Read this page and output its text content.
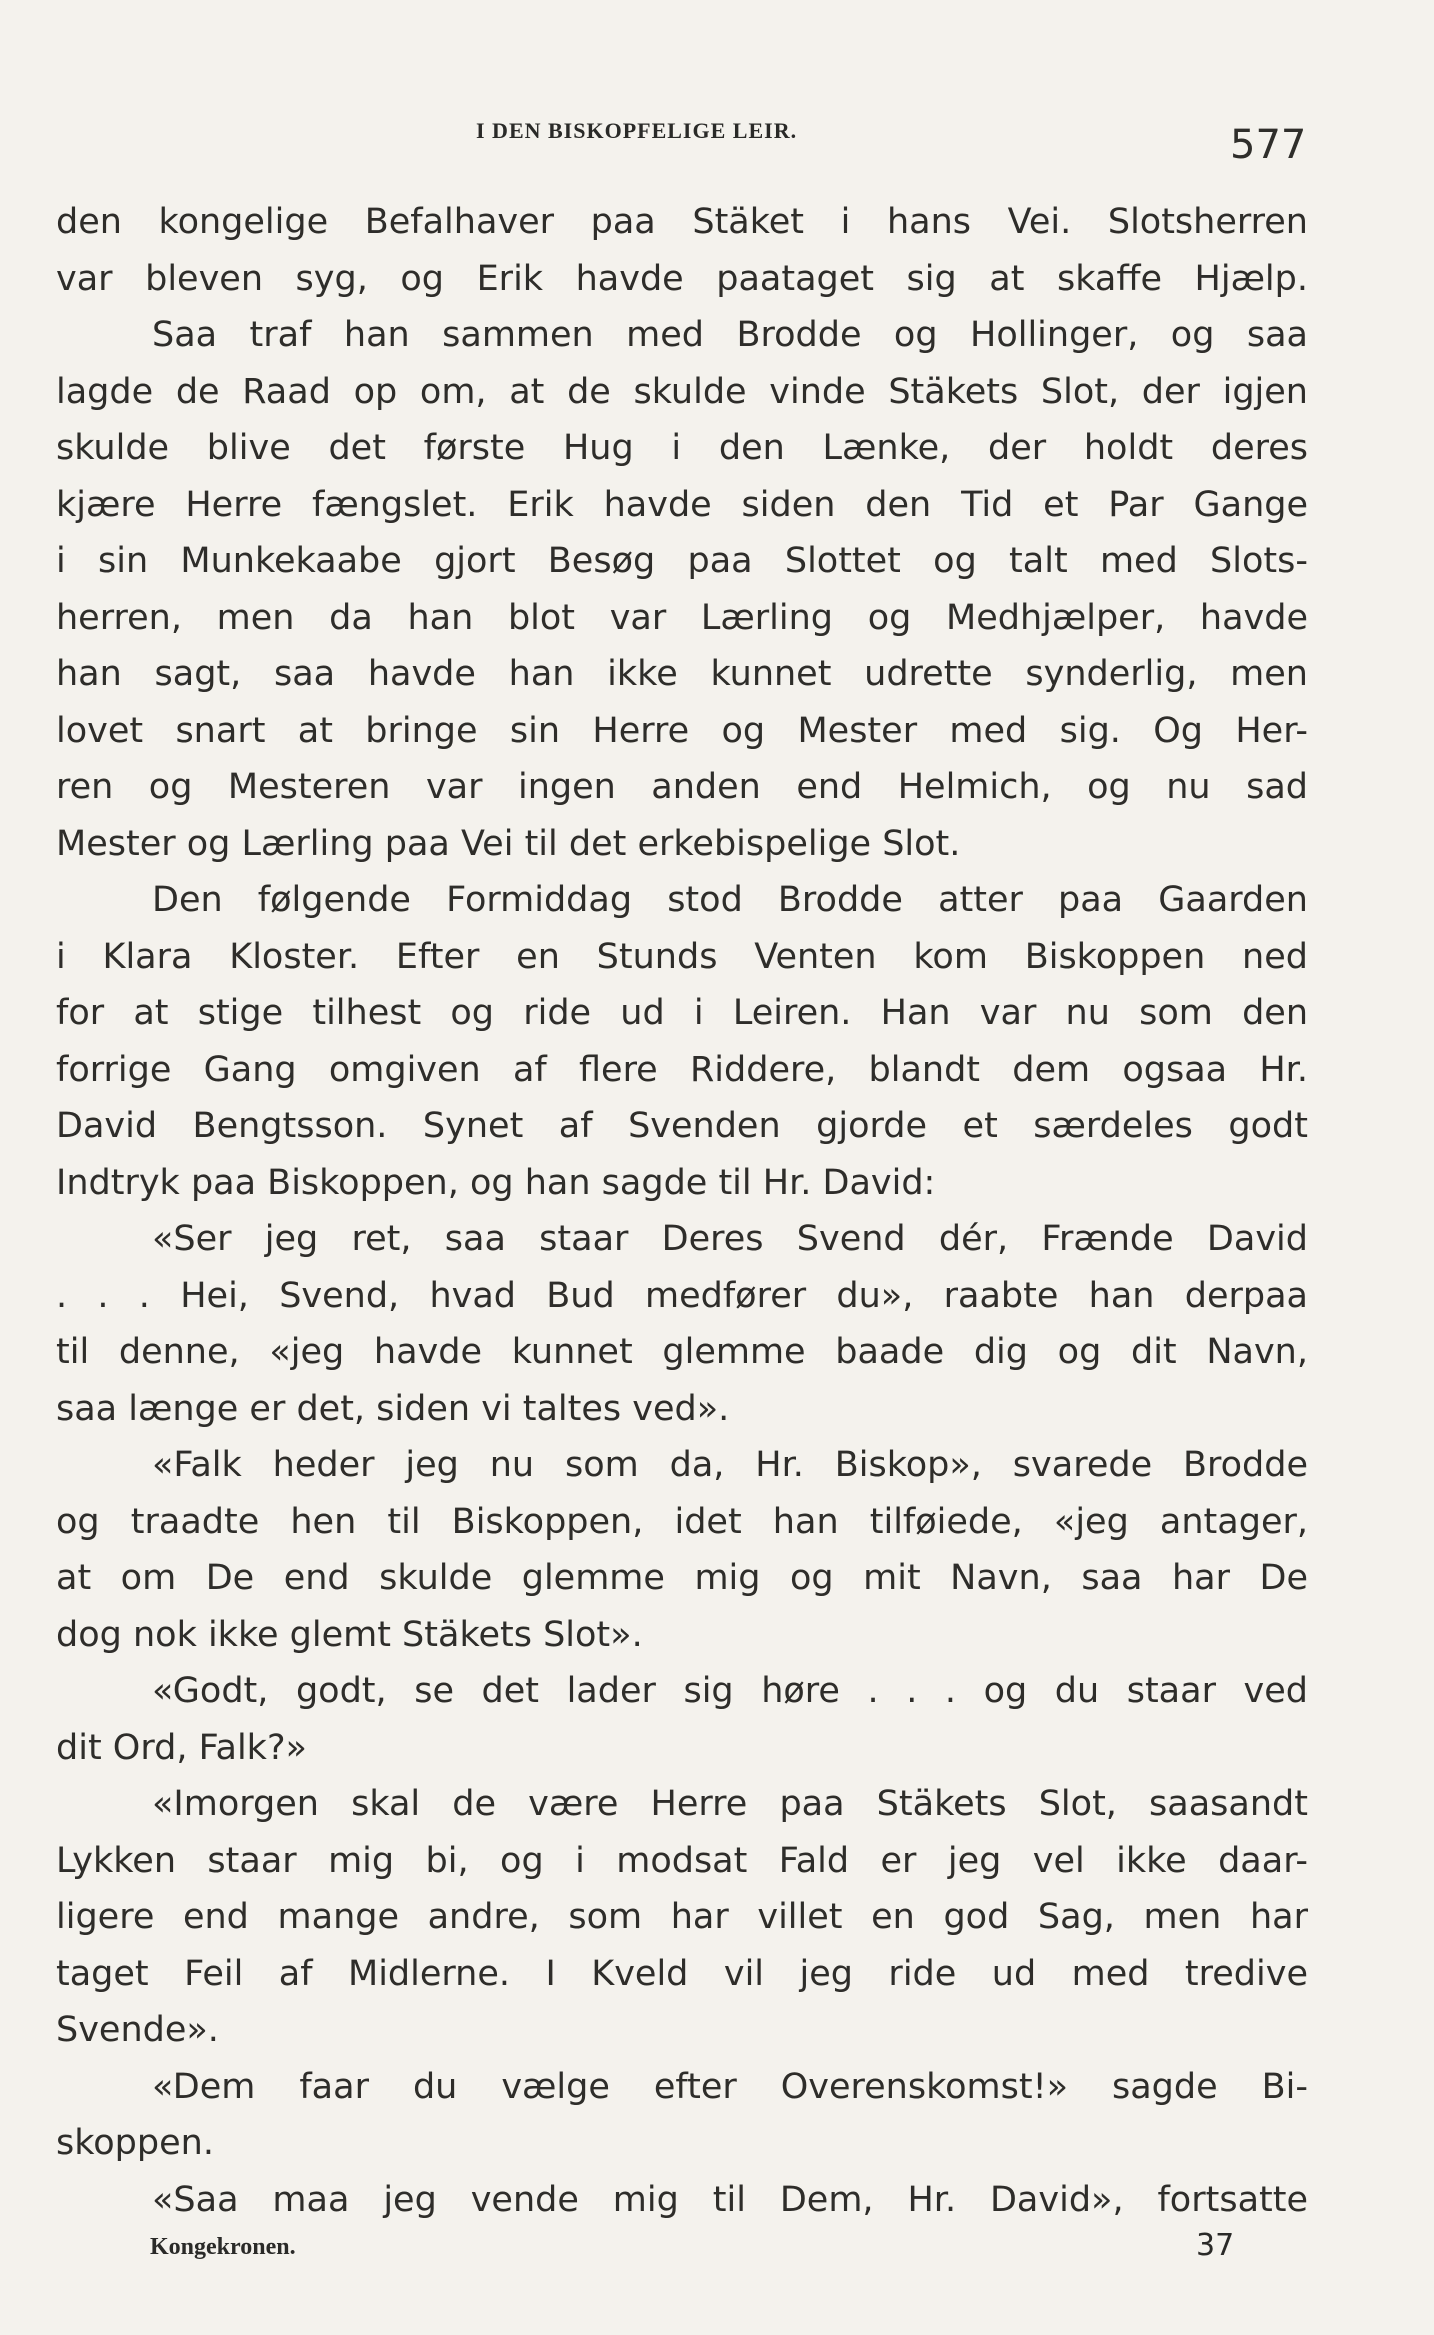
I DEN BISKOPFELIGE LEIR.	577
den kongelige Befalhaver paa Stäket i hans Vei. Slotsherren
var bleven syg, og Erik havde paataget sig at skaffe Hjælp.
Saa traf han sammen med Brodde og Hollinger, og saa
lagde de Raad op om, at de skulde vinde Stäkets Slot, der igjen
skulde blive det første Hug i den Lænke, der holdt deres
kjære Herre fængslet. Erik havde siden den Tid et Par Gange
i sin Munkekaabe gjort Besøg paa Slottet og talt med Slots-
herren, men da han blot var Lærling og Medhjælper, havde
han sagt, saa havde han ikke kunnet udrette synderlig, men
lovet snart at bringe sin Herre og Mester med sig. Og Her-
ren og Mesteren var ingen anden end Helmich, og nu sad
Mester og Lærling paa Vei til det erkebispelige Slot.
Den følgende Formiddag stod Brodde atter paa Gaarden
i Klara Kloster. Efter en Stunds Venten kom Biskoppen ned
for at stige tilhest og ride ud i Leiren. Han var nu som den
forrige Gang omgiven af flere Riddere, blandt dem ogsaa Hr.
David Bengtsson. Synet af Svenden gjorde et særdeles godt
Indtryk paa Biskoppen, og han sagde til Hr. David:
«Ser jeg ret, saa staar Deres Svend dér, Frænde David
. . . Hei, Svend, hvad Bud medfører du», raabte han derpaa
til denne, «jeg havde kunnet glemme baade dig og dit Navn,
saa længe er det, siden vi taltes ved».
«Falk heder jeg nu som da, Hr. Biskop», svarede Brodde
og traadte hen til Biskoppen, idet han tilføiede, «jeg antager,
at om De end skulde glemme mig og mit Navn, saa har De
dog nok ikke glemt Stäkets Slot».
«Godt, godt, se det lader sig høre . . . og du staar ved
dit Ord, Falk?»
«Imorgen skal de være Herre paa Stäkets Slot, saasandt
Lykken staar mig bi, og i modsat Fald er jeg vel ikke daar-
ligere end mange andre, som har villet en god Sag, men har
taget Feil af Midlerne. I Kveld vil jeg ride ud med tredive
Svende».
«Dem faar du vælge efter Overenskomst!» sagde Bi-
skoppen.
«Saa maa jeg vende mig til Dem, Hr. David», fortsatte
Kongekronen.	37
